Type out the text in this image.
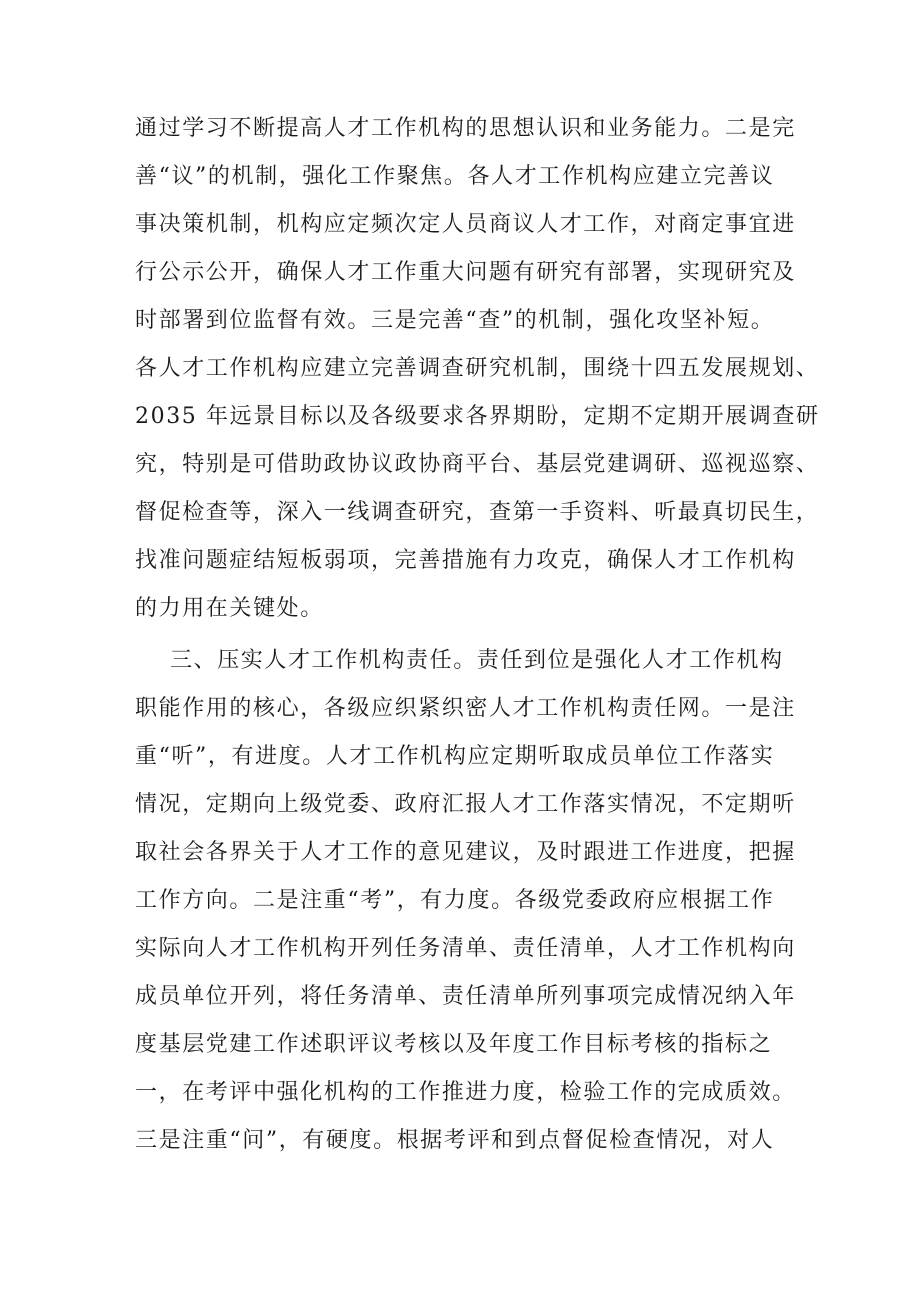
通过学习不断提高人才工作机构的思想认识和业务能力。二是完
善“议”的机制，强化工作聚焦。各人才工作机构应建立完善议
事决策机制，机构应定频次定人员商议人才工作，对商定事宜进
行公示公开，确保人才工作重大问题有研究有部署，实现研究及
时部署到位监督有效。三是完善“查”的机制，强化攻坚补短。
各人才工作机构应建立完善调查研究机制，围绕十四五发展规划、
2035 年远景目标以及各级要求各界期盼，定期不定期开展调查研
究，特别是可借助政协议政协商平台、基层党建调研、巡视巡察、
督促检查等，深入一线调查研究，查第一手资料、听最真切民生，
找准问题症结短板弱项，完善措施有力攻克，确保人才工作机构
的力用在关键处。
三、压实人才工作机构责任。责任到位是强化人才工作机构
职能作用的核心，各级应织紧织密人才工作机构责任网。一是注
重“听”，有进度。人才工作机构应定期听取成员单位工作落实
情况，定期向上级党委、政府汇报人才工作落实情况，不定期听
取社会各界关于人才工作的意见建议，及时跟进工作进度，把握
工作方向。二是注重“考”，有力度。各级党委政府应根据工作
实际向人才工作机构开列任务清单、责任清单，人才工作机构向
成员单位开列，将任务清单、责任清单所列事项完成情况纳入年
度基层党建工作述职评议考核以及年度工作目标考核的指标之
一，在考评中强化机构的工作推进力度，检验工作的完成质效。
三是注重“问”，有硬度。根据考评和到点督促检查情况，对人
